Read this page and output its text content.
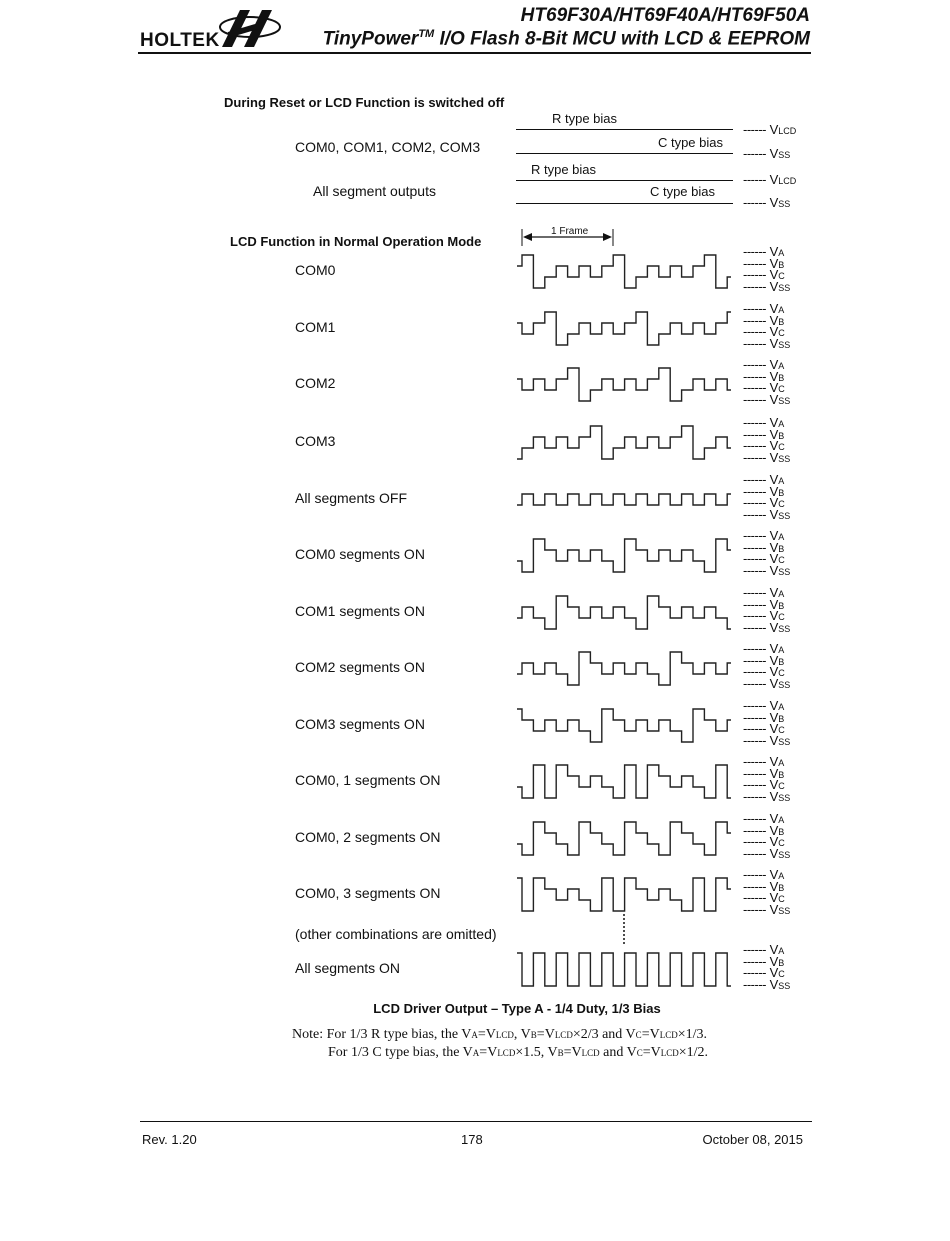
HOLTEK
HT69F30A/HT69F40A/HT69F50A
TinyPower™ I/O Flash 8-Bit MCU with LCD & EEPROM
During Reset or LCD Function is switched off
COM0, COM1, COM2, COM3
All segment outputs
R type bias
C type bias
R type bias
C type bias
------ VLCD
------ VSS
------ VLCD
------ VSS
LCD Function in Normal Operation Mode
1 Frame
(other combinations are omitted)
COM0
------ VA
------ VB
------ VC
------ VSS
COM1
------ VA
------ VB
------ VC
------ VSS
COM2
------ VA
------ VB
------ VC
------ VSS
COM3
------ VA
------ VB
------ VC
------ VSS
All segments OFF
------ VA
------ VB
------ VC
------ VSS
COM0 segments ON
------ VA
------ VB
------ VC
------ VSS
COM1 segments ON
------ VA
------ VB
------ VC
------ VSS
COM2 segments ON
------ VA
------ VB
------ VC
------ VSS
COM3 segments ON
------ VA
------ VB
------ VC
------ VSS
COM0, 1 segments ON
------ VA
------ VB
------ VC
------ VSS
COM0, 2 segments ON
------ VA
------ VB
------ VC
------ VSS
COM0, 3 segments ON
------ VA
------ VB
------ VC
------ VSS
All segments ON
------ VA
------ VB
------ VC
------ VSS
LCD Driver Output – Type A - 1/4 Duty, 1/3 Bias
Note: For 1/3 R type bias, the VA=VLCD, VB=VLCD×2/3 and VC=VLCD×1/3.
For 1/3 C type bias, the VA=VLCD×1.5, VB=VLCD and VC=VLCD×1/2.
Rev. 1.20	178	October 08, 2015
